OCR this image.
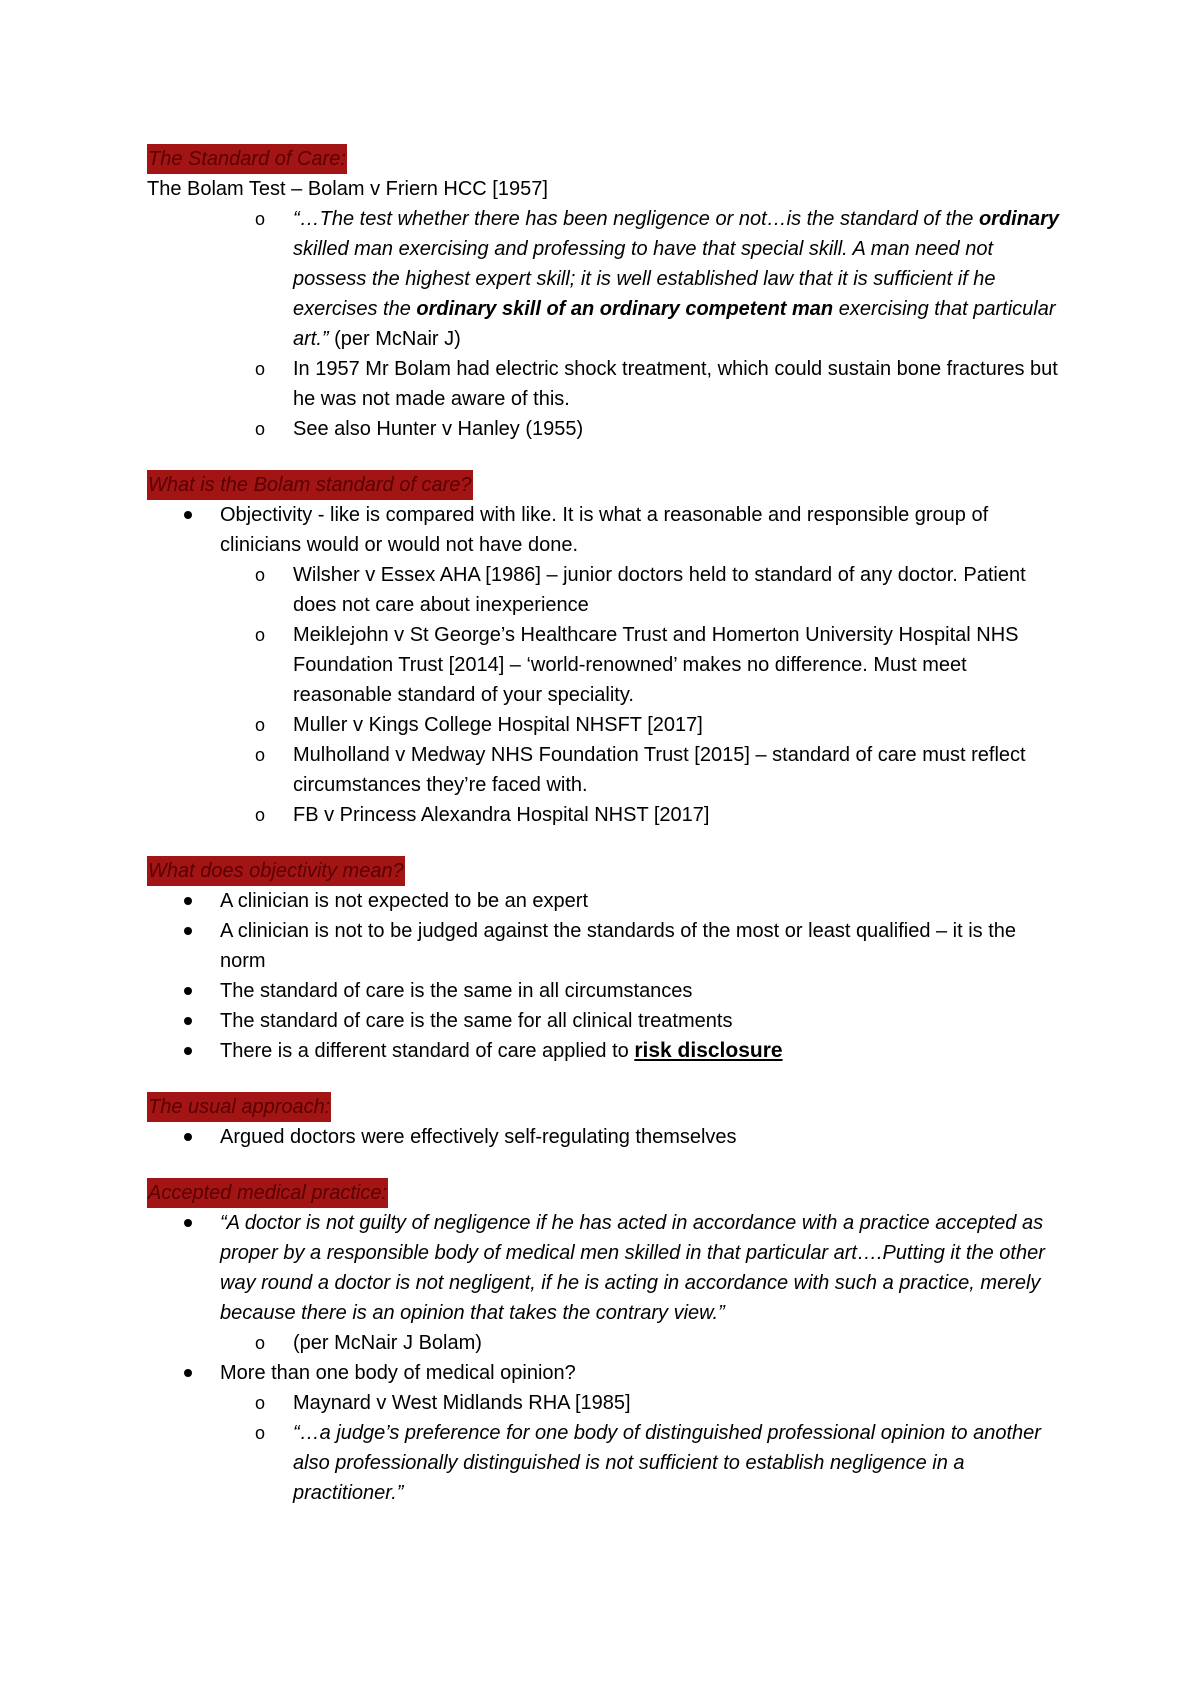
The Standard of Care:

The Bolam Test – Bolam v Friern HCC [1957]

o “…The test whether there has been negligence or not…is the standard of the ordinary skilled man exercising and professing to have that special skill. A man need not possess the highest expert skill; it is well established law that it is sufficient if he exercises the ordinary skill of an ordinary competent man exercising that particular art.” (per McNair J)
o In 1957 Mr Bolam had electric shock treatment, which could sustain bone fractures but he was not made aware of this.
o See also Hunter v Hanley (1955)
What is the Bolam standard of care?
Objectivity - like is compared with like. It is what a reasonable and responsible group of clinicians would or would not have done.
o Wilsher v Essex AHA [1986] – junior doctors held to standard of any doctor. Patient does not care about inexperience
o Meiklejohn v St George’s Healthcare Trust and Homerton University Hospital NHS Foundation Trust [2014] – ‘world-renowned’ makes no difference. Must meet reasonable standard of your speciality.
o Muller v Kings College Hospital NHSFT [2017]
o Mulholland v Medway NHS Foundation Trust [2015] – standard of care must reflect circumstances they’re faced with.
o FB v Princess Alexandra Hospital NHST [2017]
What does objectivity mean?
A clinician is not expected to be an expert
A clinician is not to be judged against the standards of the most or least qualified – it is the norm
The standard of care is the same in all circumstances
The standard of care is the same for all clinical treatments
There is a different standard of care applied to risk disclosure
The usual approach:
Argued doctors were effectively self-regulating themselves
Accepted medical practice:
“A doctor is not guilty of negligence if he has acted in accordance with a practice accepted as proper by a responsible body of medical men skilled in that particular art….Putting it the other way round a doctor is not negligent, if he is acting in accordance with such a practice, merely because there is an opinion that takes the contrary view.”
o (per McNair J Bolam)
More than one body of medical opinion?
o Maynard v West Midlands RHA [1985]
o “…a judge’s preference for one body of distinguished professional opinion to another also professionally distinguished is not sufficient to establish negligence in a practitioner.”
